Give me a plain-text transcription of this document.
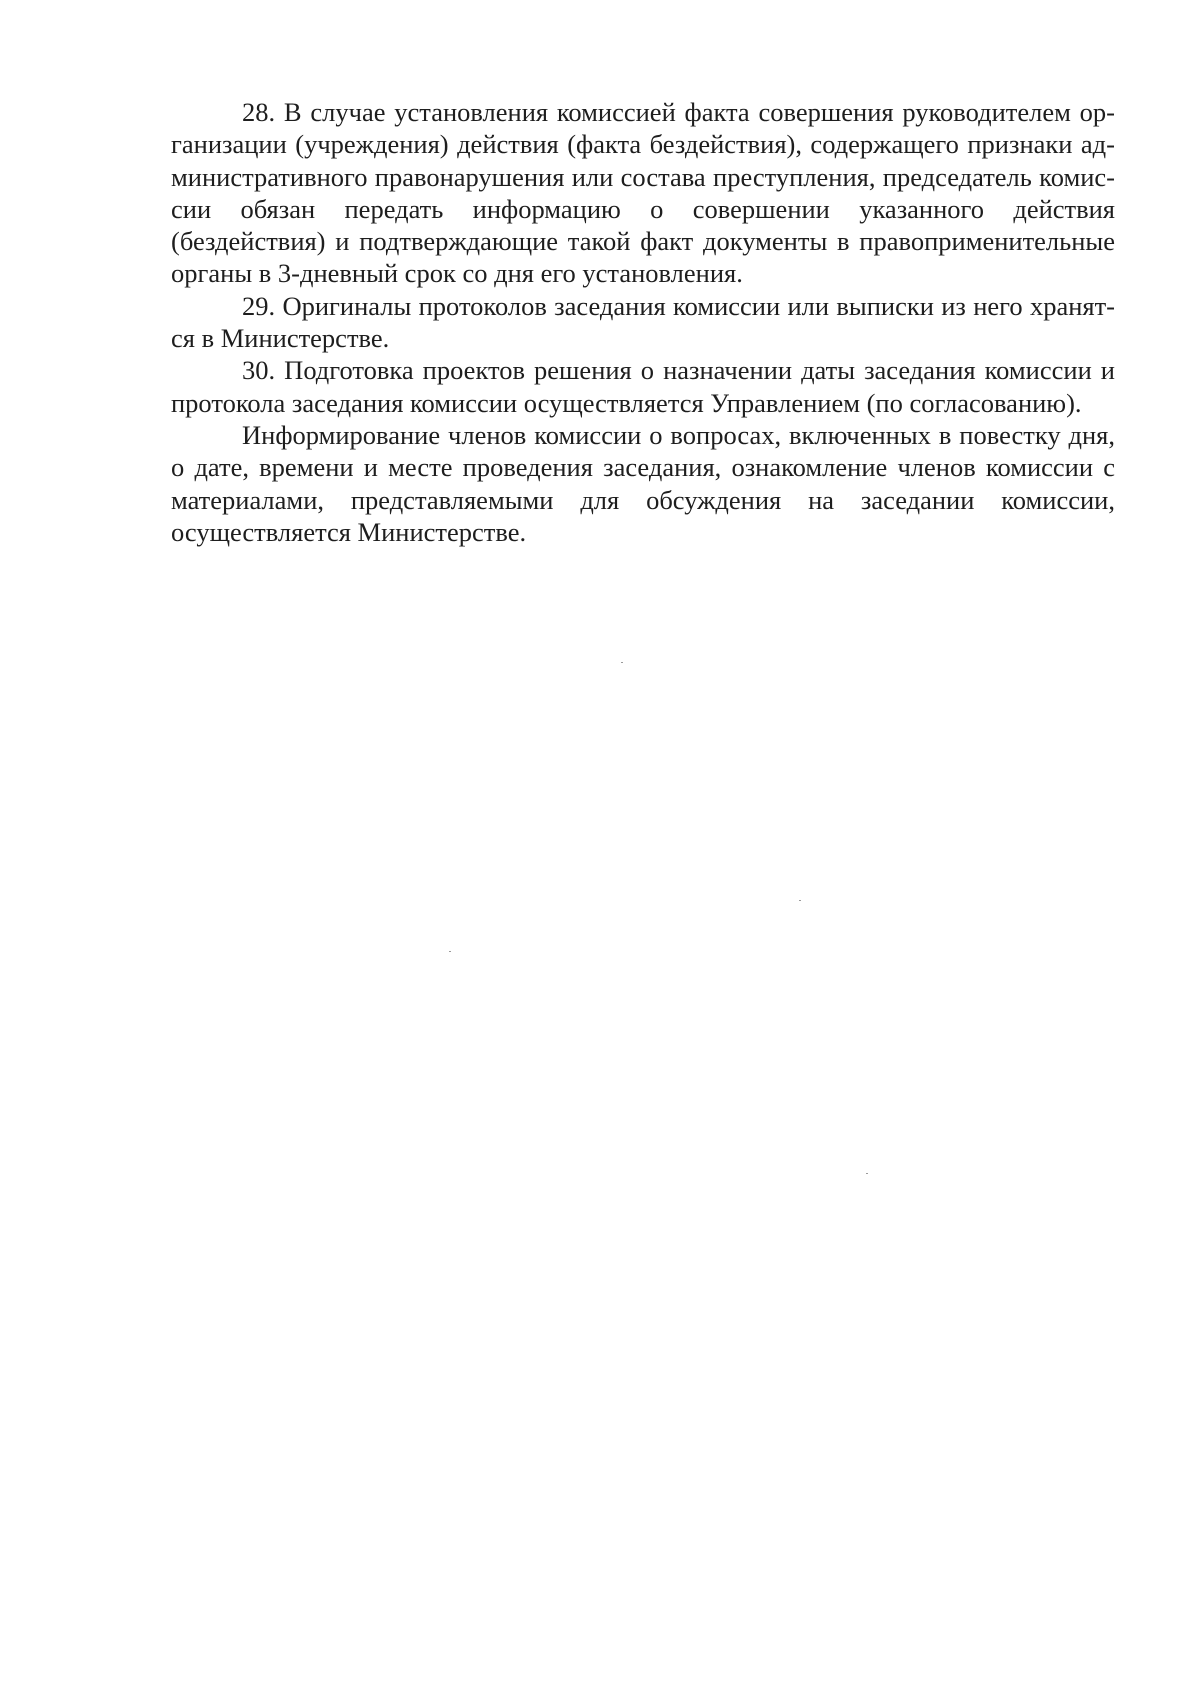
28. В случае установления комиссией факта совершения руководителем организации (учреждения) действия (факта бездействия), содержащего признаки административного правонарушения или состава преступления, председатель комиссии обязан передать информацию о совершении указанного действия (бездействия) и подтверждающие такой факт документы в правоприменительные органы в 3-дневный срок со дня его установления.

29. Оригиналы протоколов заседания комиссии или выписки из него хранятся в Министерстве.

30. Подготовка проектов решения о назначении даты заседания комиссии и протокола заседания комиссии осуществляется Управлением (по согласованию).

Информирование членов комиссии о вопросах, включенных в повестку дня, о дате, времени и месте проведения заседания, ознакомление членов комиссии с материалами, представляемыми для обсуждения на заседании комиссии, осуществляется Министерстве.
